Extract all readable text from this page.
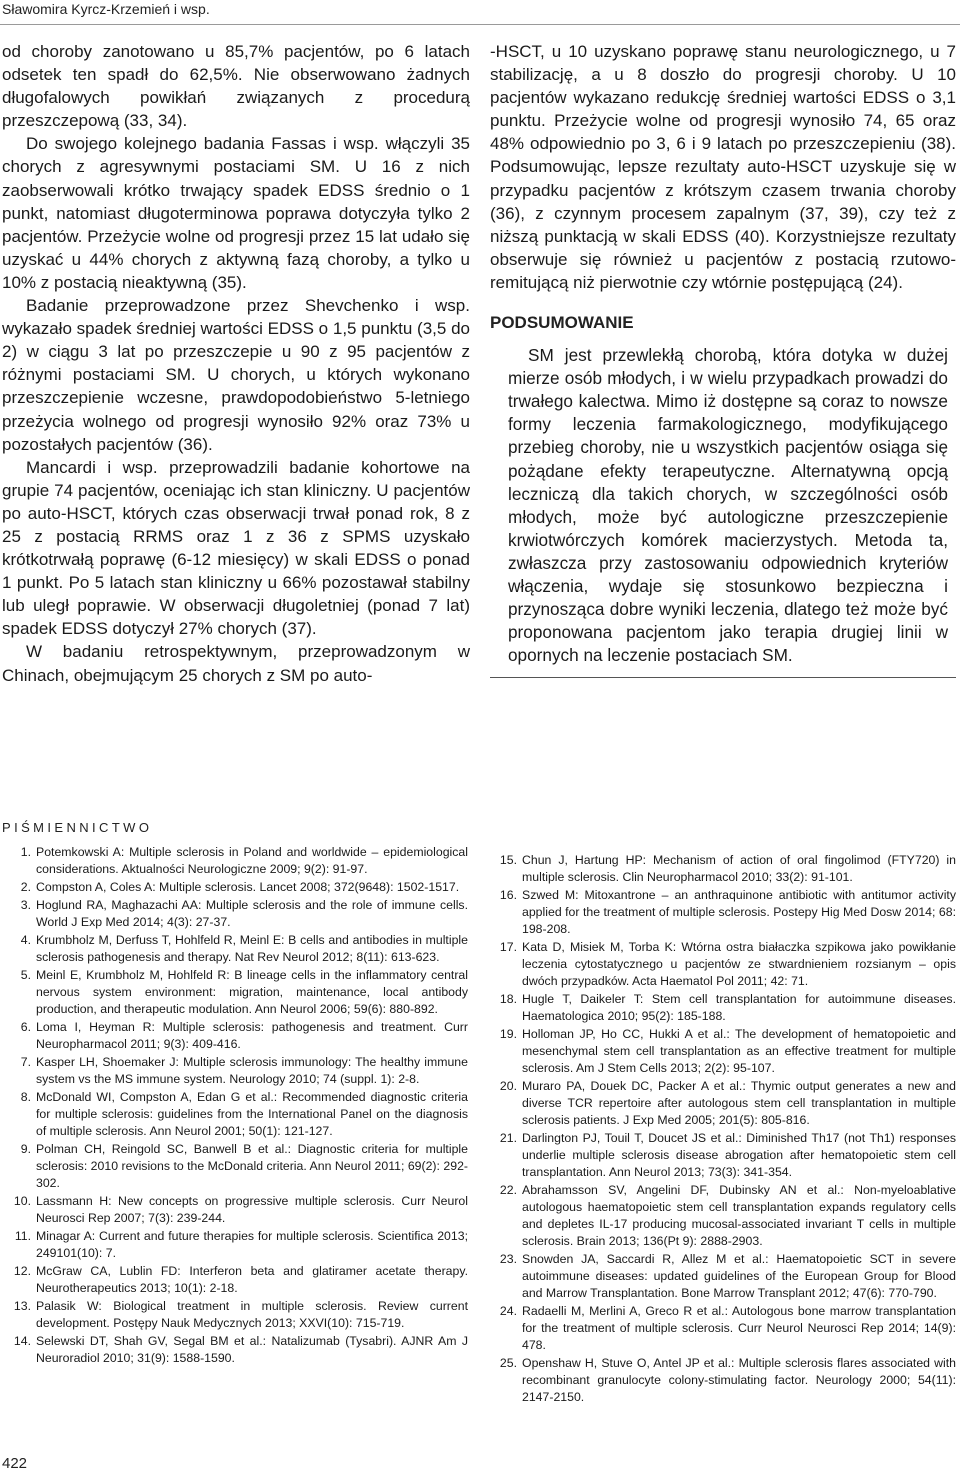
Sławomira Kyrcz-Krzemień i wsp.

od choroby zanotowano u 85,7% pacjentów, po 6 latach odsetek ten spadł do 62,5%. Nie obserwowano żadnych długofalowych powikłań związanych z procedurą przeszczepową (33, 34).

Do swojego kolejnego badania Fassas i wsp. włączyli 35 chorych z agresywnymi postaciami SM. U 16 z nich zaobserwowali krótko trwający spadek EDSS średnio o 1 punkt, natomiast długoterminowa poprawa dotyczyła tylko 2 pacjentów. Przeżycie wolne od progresji przez 15 lat udało się uzyskać u 44% chorych z aktywną fazą choroby, a tylko u 10% z postacią nieaktywną (35).

Badanie przeprowadzone przez Shevchenko i wsp. wykazało spadek średniej wartości EDSS o 1,5 punktu (3,5 do 2) w ciągu 3 lat po przeszczepie u 90 z 95 pacjentów z różnymi postaciami SM. U chorych, u których wykonano przeszczepienie wczesne, prawdopodobieństwo 5-letniego przeżycia wolnego od progresji wynosiło 92% oraz 73% u pozostałych pacjentów (36).

Mancardi i wsp. przeprowadzili badanie kohortowe na grupie 74 pacjentów, oceniając ich stan kliniczny. U pacjentów po auto-HSCT, których czas obserwacji trwał ponad rok, 8 z 25 z postacią RRMS oraz 1 z 36 z SPMS uzyskało krótkotrwałą poprawę (6-12 miesięcy) w skali EDSS o ponad 1 punkt. Po 5 latach stan kliniczny u 66% pozostawał stabilny lub uległ poprawie. W obserwacji długoletniej (ponad 7 lat) spadek EDSS dotyczył 27% chorych (37).

W badaniu retrospektywnym, przeprowadzonym w Chinach, obejmującym 25 chorych z SM po auto-

-HSCT, u 10 uzyskano poprawę stanu neurologicznego, u 7 stabilizację, a u 8 doszło do progresji choroby. U 10 pacjentów wykazano redukcję średniej wartości EDSS o 3,1 punktu. Przeżycie wolne od progresji wynosiło 74, 65 oraz 48% odpowiednio po 3, 6 i 9 latach po przeszczepieniu (38). Podsumowując, lepsze rezultaty auto-HSCT uzyskuje się w przypadku pacjentów z krótszym czasem trwania choroby (36), z czynnym procesem zapalnym (37, 39), czy też z niższą punktacją w skali EDSS (40). Korzystniejsze rezultaty obserwuje się również u pacjentów z postacią rzutowo-remitującą niż pierwotnie czy wtórnie postępującą (24).

PODSUMOWANIE

SM jest przewlekłą chorobą, która dotyka w dużej mierze osób młodych, i w wielu przypadkach prowadzi do trwałego kalectwa. Mimo iż dostępne są coraz to nowsze formy leczenia farmakologicznego, modyfikującego przebieg choroby, nie u wszystkich pacjentów osiąga się pożądane efekty terapeutyczne. Alternatywną opcją leczniczą dla takich chorych, w szczególności osób młodych, może być autologiczne przeszczepienie krwiotwórczych komórek macierzystych. Metoda ta, zwłaszcza przy zastosowaniu odpowiednich kryteriów włączenia, wydaje się stosunkowo bezpieczna i przynosząca dobre wyniki leczenia, dlatego też może być proponowana pacjentom jako terapia drugiej linii w opornych na leczenie postaciach SM.

PIŚMIENNICTWO
1. Potemkowski A: Multiple sclerosis in Poland and worldwide – epidemiological considerations. Aktualności Neurologiczne 2009; 9(2): 91-97.
2. Compston A, Coles A: Multiple sclerosis. Lancet 2008; 372(9648): 1502-1517.
3. Hoglund RA, Maghazachi AA: Multiple sclerosis and the role of immune cells. World J Exp Med 2014; 4(3): 27-37.
4. Krumbholz M, Derfuss T, Hohlfeld R, Meinl E: B cells and antibodies in multiple sclerosis pathogenesis and therapy. Nat Rev Neurol 2012; 8(11): 613-623.
5. Meinl E, Krumbholz M, Hohlfeld R: B lineage cells in the inflammatory central nervous system environment: migration, maintenance, local antibody production, and therapeutic modulation. Ann Neurol 2006; 59(6): 880-892.
6. Loma I, Heyman R: Multiple sclerosis: pathogenesis and treatment. Curr Neuropharmacol 2011; 9(3): 409-416.
7. Kasper LH, Shoemaker J: Multiple sclerosis immunology: The healthy immune system vs the MS immune system. Neurology 2010; 74 (suppl. 1): 2-8.
8. McDonald WI, Compston A, Edan G et al.: Recommended diagnostic criteria for multiple sclerosis: guidelines from the International Panel on the diagnosis of multiple sclerosis. Ann Neurol 2001; 50(1): 121-127.
9. Polman CH, Reingold SC, Banwell B et al.: Diagnostic criteria for multiple sclerosis: 2010 revisions to the McDonald criteria. Ann Neurol 2011; 69(2): 292-302.
10. Lassmann H: New concepts on progressive multiple sclerosis. Curr Neurol Neurosci Rep 2007; 7(3): 239-244.
11. Minagar A: Current and future therapies for multiple sclerosis. Scientifica 2013; 249101(10): 7.
12. McGraw CA, Lublin FD: Interferon beta and glatiramer acetate therapy. Neurotherapeutics 2013; 10(1): 2-18.
13. Palasik W: Biological treatment in multiple sclerosis. Review current development. Postępy Nauk Medycznych 2013; XXVI(10): 715-719.
14. Selewski DT, Shah GV, Segal BM et al.: Natalizumab (Tysabri). AJNR Am J Neuroradiol 2010; 31(9): 1588-1590.
15. Chun J, Hartung HP: Mechanism of action of oral fingolimod (FTY720) in multiple sclerosis. Clin Neuropharmacol 2010; 33(2): 91-101.
16. Szwed M: Mitoxantrone – an anthraquinone antibiotic with antitumor activity applied for the treatment of multiple sclerosis. Postepy Hig Med Dosw 2014; 68: 198-208.
17. Kata D, Misiek M, Torba K: Wtórna ostra białaczka szpikowa jako powikłanie leczenia cytostatycznego u pacjentów ze stwardnieniem rozsianym – opis dwóch przypadków. Acta Haematol Pol 2011; 42: 71.
18. Hugle T, Daikeler T: Stem cell transplantation for autoimmune diseases. Haematologica 2010; 95(2): 185-188.
19. Holloman JP, Ho CC, Hukki A et al.: The development of hematopoietic and mesenchymal stem cell transplantation as an effective treatment for multiple sclerosis. Am J Stem Cells 2013; 2(2): 95-107.
20. Muraro PA, Douek DC, Packer A et al.: Thymic output generates a new and diverse TCR repertoire after autologous stem cell transplantation in multiple sclerosis patients. J Exp Med 2005; 201(5): 805-816.
21. Darlington PJ, Touil T, Doucet JS et al.: Diminished Th17 (not Th1) responses underlie multiple sclerosis disease abrogation after hematopoietic stem cell transplantation. Ann Neurol 2013; 73(3): 341-354.
22. Abrahamsson SV, Angelini DF, Dubinsky AN et al.: Non-myeloablative autologous haematopoietic stem cell transplantation expands regulatory cells and depletes IL-17 producing mucosal-associated invariant T cells in multiple sclerosis. Brain 2013; 136(Pt 9): 2888-2903.
23. Snowden JA, Saccardi R, Allez M et al.: Haematopoietic SCT in severe autoimmune diseases: updated guidelines of the European Group for Blood and Marrow Transplantation. Bone Marrow Transplant 2012; 47(6): 770-790.
24. Radaelli M, Merlini A, Greco R et al.: Autologous bone marrow transplantation for the treatment of multiple sclerosis. Curr Neurol Neurosci Rep 2014; 14(9): 478.
25. Openshaw H, Stuve O, Antel JP et al.: Multiple sclerosis flares associated with recombinant granulocyte colony-stimulating factor. Neurology 2000; 54(11): 2147-2150.
422
